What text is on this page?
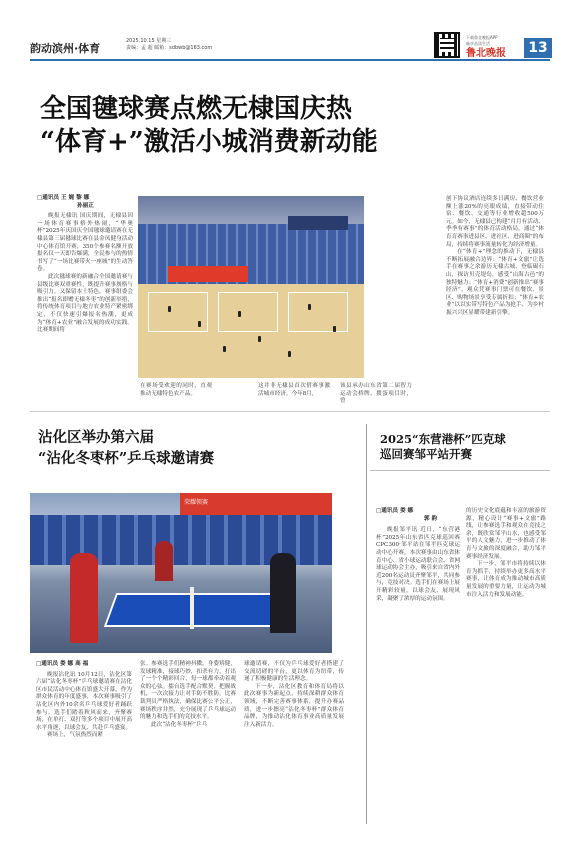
韵动滨州·体育
2025.10.15 星期三
责编：孟 超 邮箱：sdbwb@163.com
下载鲁北晚报APP
畅享品质生活
鲁北晚报	13
全国毽球赛点燃无棣国庆热
“体育+”激活小城消费新动能
□通讯员 王 娓 黎 娜
孙丽正

晚报无棣讯 国庆期间，无棣县因一场体育赛事格外热闹，“华奥杯”2025年庆国庆全国毽球邀请赛在无棣县第三届毽球比赛在县金凤健身活动中心体育馆开赛，350个参赛名额开放报名仅一天即告爆满，全民参与的热情书写了“一场比赛带火一座城”的生动答卷。

此次毽球赛的新融合全国邀请赛与县级比赛双重赛性，既提升赛事规格与吸引力，又保留本土特色。赛事组委会推出“报名即赠无棣冬枣”的创新举措，将传统体育项目与地方农业特产紧密绑定，不仅快速引爆报名热潮，更成为“体育+农业”融合发展的成功实践。比赛期间将

在赛场受欢迎的同时，直观推动无棣特色农产品。
这并非无棣县首次借赛事激活城市经济。今年8月，
该县承办山东省第二届智力运动会桥牌、掼蛋项目时，曾

创下协议酒店连续多日满房、餐饮营业额上涨20%的亮眼成绩，直接带动住宿、餐饮、交通等行业增收超500万元。如今，无棣县已构建“月月有活动、季季有赛事”的体育活动格局，通过“体育育赛事进县区、进社区、进商圈”的布局，持续将赛事流量转化为经济增量。

在“体育+”理念的推动下，无棣县不断拓展融合边界：“体育+文旅”让选手在赛事之余游历无棣古城、登临碣石山，探访贝壳堤岛，感受“山海古邑”的独特魅力；“体育+消费”创新推出“赛事经济”，观众凭赛事门票可在餐饮、景区、购物场景享受专属折扣；“体育+农业”以以实带写特色产品为抢手、为乡村振兴兴区显耀带建新引擎。

沾化区举办第六届
“沾化冬枣杯”乒乓球邀请赛
荣耀领赛
□通讯员 娄 娜 高 福

晚报沾化讯 10月12日，沾化区第六届“沾化冬枣杯”乒乓球邀请赛在沾化区市民活动中心体育馆盛大开幕，作为群众体育的年度盛事，本次赛事吸引了沾化区内外10余名乒乓球爱好者踊跃参与。选手们踏着秋风而来，齐聚赛场，在单打、双打等多个项目中展开高水平角逐，以球会友、共赴乒乓盛宴。

赛场上，气氛热烈而紧

张。参赛选手们精神抖擞，身姿矫健，发球精准，接球巧妙，扣杀有力，打出了一个个精彩回合，每一球都牵动着观众的心弦。擂台选手配合默契，把握战机，一次次接力让对手防不胜防。比赛裁判员严格执法，确保比赛公平公正，赛场秩序井然，充分展现了乒乓球运动的魅力和选手们的竞技水平。

此次“沾化冬枣杯”乒乓

球邀请赛，不仅为乒乓球爱好者搭建了交流切磋的平台，更以体育为纽带，传递了积极健康的生活理念。

下一步，沾化区教育和体育局将以此次赛事为新起点，持续深耕群众体育领域，不断完善赛事体系，提升办赛品质，进一步擦亮“沾化冬枣杯”群众体育品牌，为推动沾化体育事业高质量发展注入新活力。

2025“东营港杯”匹克球
巡回赛邹平站开赛
□通讯员 娄 娜
郭 韵

晚报邹平讯 近日，“东营港杯”2025年山东省匹克球巡回赛CPC300·邹平站在邹平匹克球运动中心开赛。本次赛事由山东省体育中心、省小球运动联合会、省网球运动协会主办，吸引来自省内外近200名运动员齐聚邹平，共同参与，竞技对决。选手们在赛场上展开精彩较量，以球会友、展现风采，凝聚了浓厚的运动氛围。

的历史文化底蕴和丰富的旅游资源，精心设计“赛事+文旅”路线，让参赛选手和观众在竞技之余，既欣赏邹平山水，也感受邹平的人文魅力，进一步推动了体育与文旅的深度融合，助力邹平赛事经济发展。

下一步，邹平市将持续以体育为抓手，持续举办更多高水平赛事，让体育成为推动城市高质量发展的重要力量，让运动为城市注入活力和发展动能。
